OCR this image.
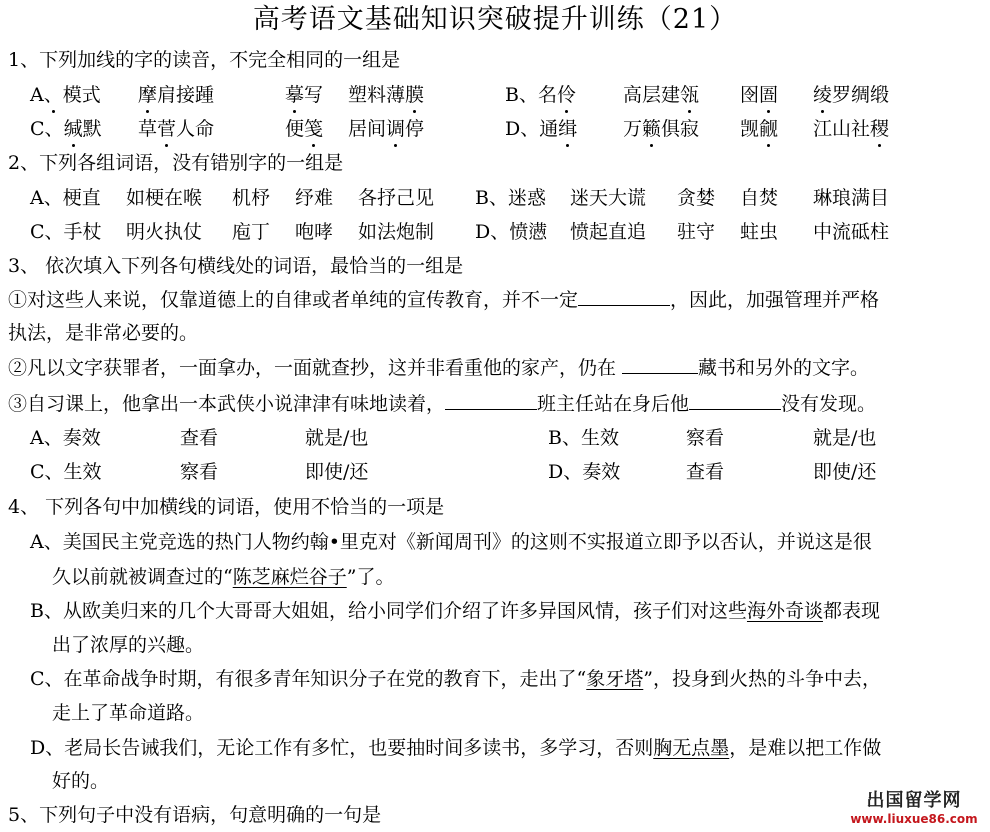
高考语文基础知识突破提升训练（21）
1、下列加线的字的读音，不完全相同的一组是
A、模式 摩肩接踵	摹写 塑料薄膜	B、名伶 高层建瓴 囹圄 绫罗绸缎
C、缄默 草菅人命	便笺 居间调停	D、通缉 万籁俱寂 觊觎 江山社稷
2、下列各组词语，没有错别字的一组是
A、梗直 如梗在喉 机杼 纾难 各抒己见 B、迷惑 迷天大谎 贪婪 自焚 琳琅满目
C、手杖 明火执仗 庖丁 咆哮 如法炮制 D、愤懑 愤起直追 驻守 蛀虫 中流砥柱
3、 依次填入下列各句横线处的词语，最恰当的一组是
①对这些人来说，仅靠道德上的自律或者单纯的宣传教育，并不一定	，因此，加强管理并严格
执法，是非常必要的。
②凡以文字获罪者，一面拿办，一面就查抄，这并非看重他的家产，仍在	藏书和另外的文字。
③自习课上，他拿出一本武侠小说津津有味地读着，	班主任站在身后他	没有发现。
A、奏效	查看	就是/也	B、生效	察看	就是/也
C、生效	察看	即使/还	D、奏效	查看	即使/还
4、 下列各句中加横线的词语，使用不恰当的一项是
A、美国民主党竞选的热门人物约翰•里克对《新闻周刊》的这则不实报道立即予以否认，并说这是很
久以前就被调查过的“陈芝麻烂谷子”了。
B、从欧美归来的几个大哥哥大姐姐，给小同学们介绍了许多异国风情，孩子们对这些海外奇谈都表现
出了浓厚的兴趣。
C、在革命战争时期，有很多青年知识分子在党的教育下，走出了“象牙塔”，投身到火热的斗争中去，
走上了革命道路。
D、老局长告诫我们，无论工作有多忙，也要抽时间多读书，多学习，否则胸无点墨，是难以把工作做
好的。
5、下列句子中没有语病，句意明确的一句是
出国留学网
www.liuxue86.com
